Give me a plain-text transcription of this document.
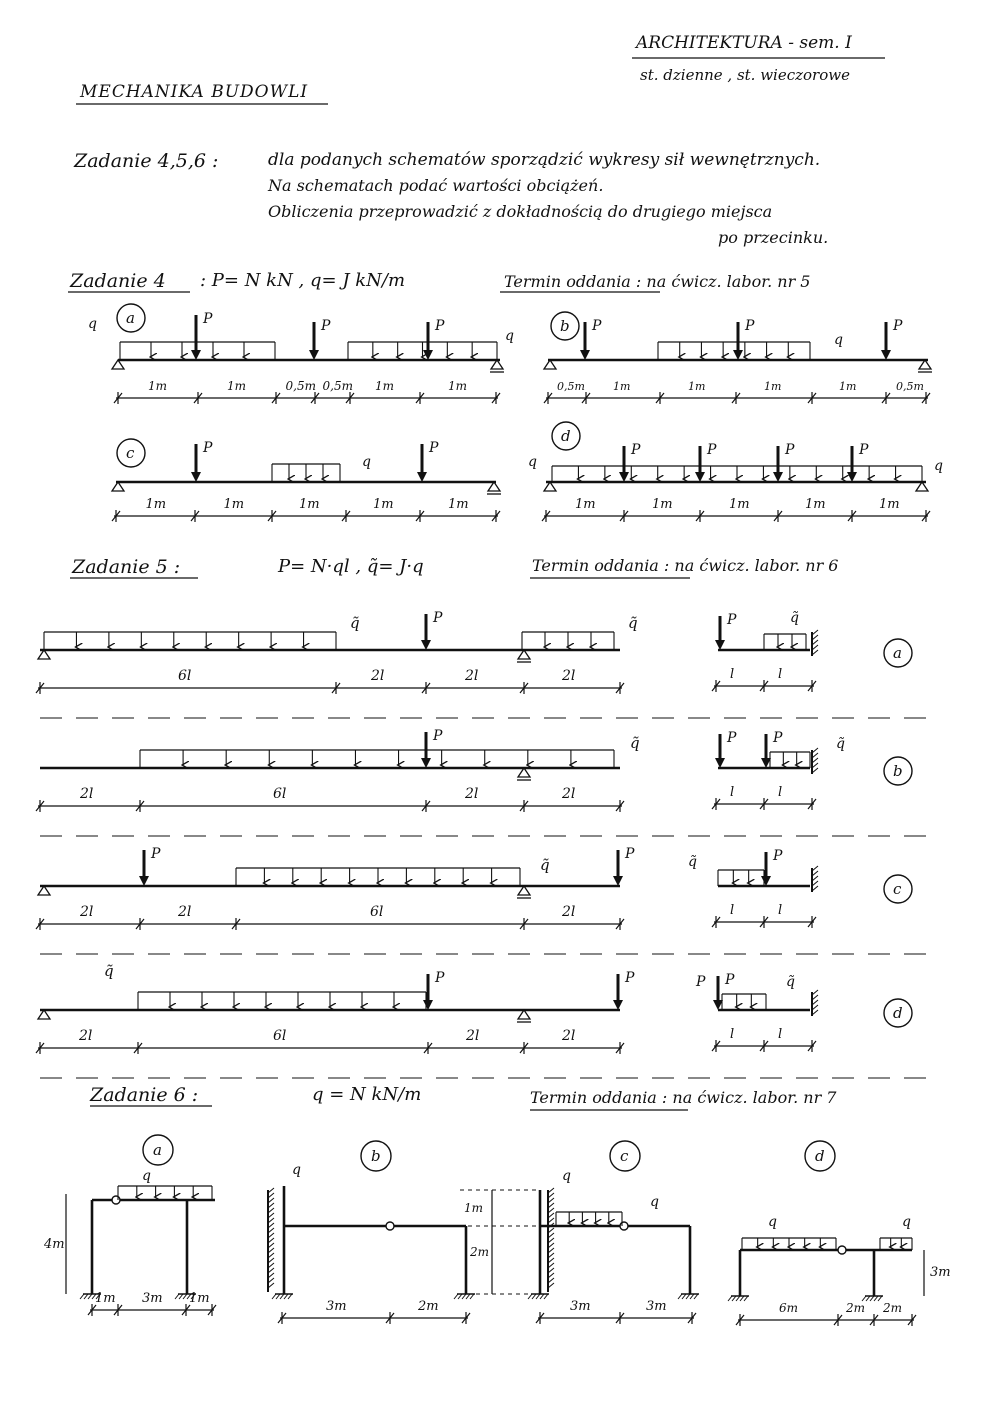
ARCHITEKTURA - sem. I
st. dzienne , st. wieczorowe
MECHANIKA BUDOWLI
Zadanie 4,5,6 :	dla podanych schematów sporządzić wykresy sił wewnętrznych.
Na schematach podać wartości obciążeń.
Obliczenia przeprowadzić z dokładnością do drugiego miejsca
po przecinku.
Zadanie 4 : P= N kN , q= J kN/m	Termin oddania : na ćwicz. labor. nr 5
Zadanie 5 :	P= N·ql , q̃= J·q	Termin oddania : na ćwicz. labor. nr 6
Zadanie 6 :	q = N kN/m	Termin oddania : na ćwicz. labor. nr 7
a	P	P	P
q
q
1m	1m	0,5m 0,5m 1m	1m
b P	P	P
q
0,5m	1m	1m	1m	1m	0,5m
c	P	P
q
1m	1m	1m	1m	1m
d
P	P	P	P
q	q
1m	1m	1m	1m	1m
P
q̃	q̃
6l	2l	2l	2l
P	q̃
l	l
a
P	q̃
2l	6l	2l	2l
P	P	q̃
l	l
b
P	P
q̃
2l	2l	6l	2l
P
q̃
l	l
c
P	P
q̃
2l	6l	2l	2l
P	q̃
P
l	l
d
a
q
4m
1m 3m 1m
b
q
3m	2m
c
q
q
1m
2m
3m	3m
d
q	q
3m
6m	2m 2m
